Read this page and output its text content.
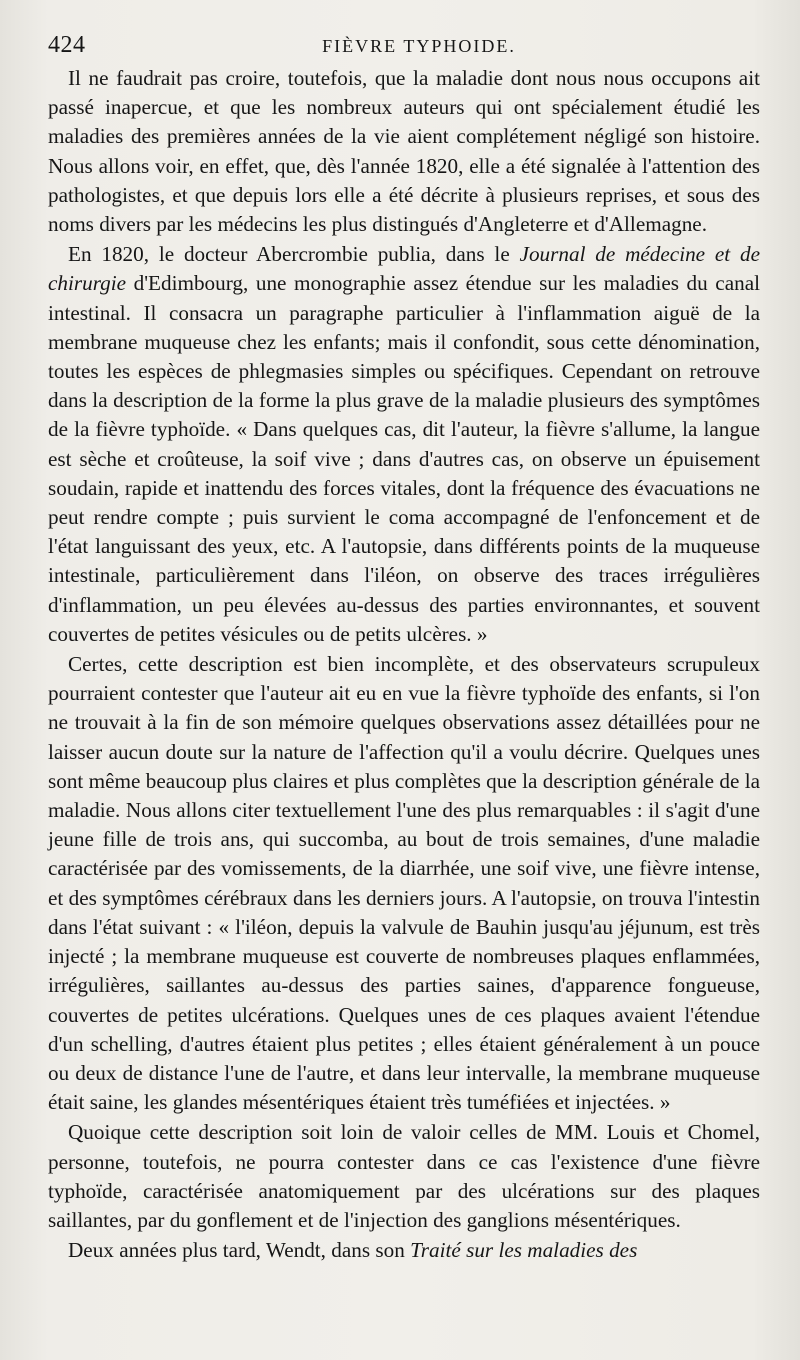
424	FIÈVRE TYPHOIDE.

Il ne faudrait pas croire, toutefois, que la maladie dont nous nous occupons ait passé inapercue, et que les nombreux auteurs qui ont spécialement étudié les maladies des premières années de la vie aient complétement négligé son histoire. Nous allons voir, en effet, que, dès l'année 1820, elle a été signalée à l'attention des pathologistes, et que depuis lors elle a été décrite à plusieurs reprises, et sous des noms divers par les médecins les plus distingués d'Angleterre et d'Allemagne.

En 1820, le docteur Abercrombie publia, dans le Journal de médecine et de chirurgie d'Edimbourg, une monographie assez étendue sur les maladies du canal intestinal. Il consacra un paragraphe particulier à l'inflammation aiguë de la membrane muqueuse chez les enfants; mais il confondit, sous cette dénomination, toutes les espèces de phlegmasies simples ou spécifiques. Cependant on retrouve dans la description de la forme la plus grave de la maladie plusieurs des symptômes de la fièvre typhoïde. « Dans quelques cas, dit l'auteur, la fièvre s'allume, la langue est sèche et croûteuse, la soif vive ; dans d'autres cas, on observe un épuisement soudain, rapide et inattendu des forces vitales, dont la fréquence des évacuations ne peut rendre compte ; puis survient le coma accompagné de l'enfoncement et de l'état languissant des yeux, etc. A l'autopsie, dans différents points de la muqueuse intestinale, particulièrement dans l'iléon, on observe des traces irrégulières d'inflammation, un peu élevées au-dessus des parties environnantes, et souvent couvertes de petites vésicules ou de petits ulcères. »

Certes, cette description est bien incomplète, et des observateurs scrupuleux pourraient contester que l'auteur ait eu en vue la fièvre typhoïde des enfants, si l'on ne trouvait à la fin de son mémoire quelques observations assez détaillées pour ne laisser aucun doute sur la nature de l'affection qu'il a voulu décrire. Quelques unes sont même beaucoup plus claires et plus complètes que la description générale de la maladie. Nous allons citer textuellement l'une des plus remarquables : il s'agit d'une jeune fille de trois ans, qui succomba, au bout de trois semaines, d'une maladie caractérisée par des vomissements, de la diarrhée, une soif vive, une fièvre intense, et des symptômes cérébraux dans les derniers jours. A l'autopsie, on trouva l'intestin dans l'état suivant : « l'iléon, depuis la valvule de Bauhin jusqu'au jéjunum, est très injecté ; la membrane muqueuse est couverte de nombreuses plaques enflammées, irrégulières, saillantes au-dessus des parties saines, d'apparence fongueuse, couvertes de petites ulcérations. Quelques unes de ces plaques avaient l'étendue d'un schelling, d'autres étaient plus petites ; elles étaient généralement à un pouce ou deux de distance l'une de l'autre, et dans leur intervalle, la membrane muqueuse était saine, les glandes mésentériques étaient très tuméfiées et injectées. »

Quoique cette description soit loin de valoir celles de MM. Louis et Chomel, personne, toutefois, ne pourra contester dans ce cas l'existence d'une fièvre typhoïde, caractérisée anatomiquement par des ulcérations sur des plaques saillantes, par du gonflement et de l'injection des ganglions mésentériques.

Deux années plus tard, Wendt, dans son Traité sur les maladies des
